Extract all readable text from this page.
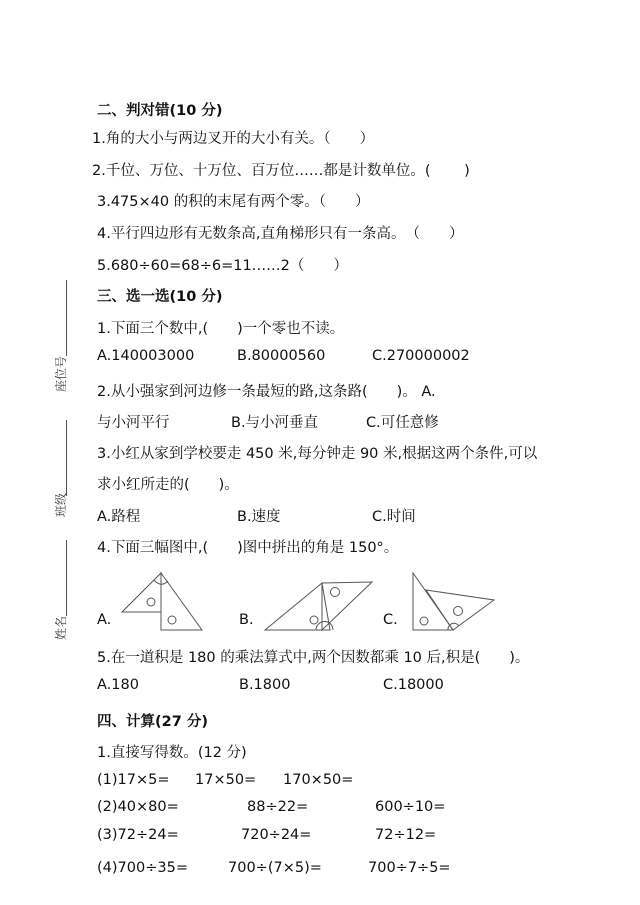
座位号
班级
姓名
二、判对错(10 分)
1.角的大小与两边叉开的大小有关。（　　）
2.千位、万位、十万位、百万位……都是计数单位。(　　 )
3.475×40 的积的末尾有两个零。（　　）
4.平行四边形有无数条高,直角梯形只有一条高。　（　　）
5.680÷60=68÷6=11……2（　　）
三、选一选(10 分)
1.下面三个数中,(　　)一个零也不读。
A.140003000	B.80000560	C.270000002
2.从小强家到河边修一条最短的路,这条路(　　)。 A.
与小河平行	B.与小河垂直	C.可任意修
3.小红从家到学校要走 450 米,每分钟走 90 米,根据这两个条件,可以
求小红所走的(　　)。
A.路程	B.速度	C.时间
4.下面三幅图中,(　　)图中拼出的角是 150°。
A.	B.	C.
5.在一道积是 180 的乘法算式中,两个因数都乘 10 后,积是(　　)。
A.180	B.1800	C.18000
四、计算(27 分)
1.直接写得数。(12 分)
(1)17×5= 17×50= 170×50=
(2)40×80=	88÷22=	600÷10=
(3)72÷24=	720÷24=	72÷12=
(4)700÷35=	700÷(7×5)=	700÷7÷5=
